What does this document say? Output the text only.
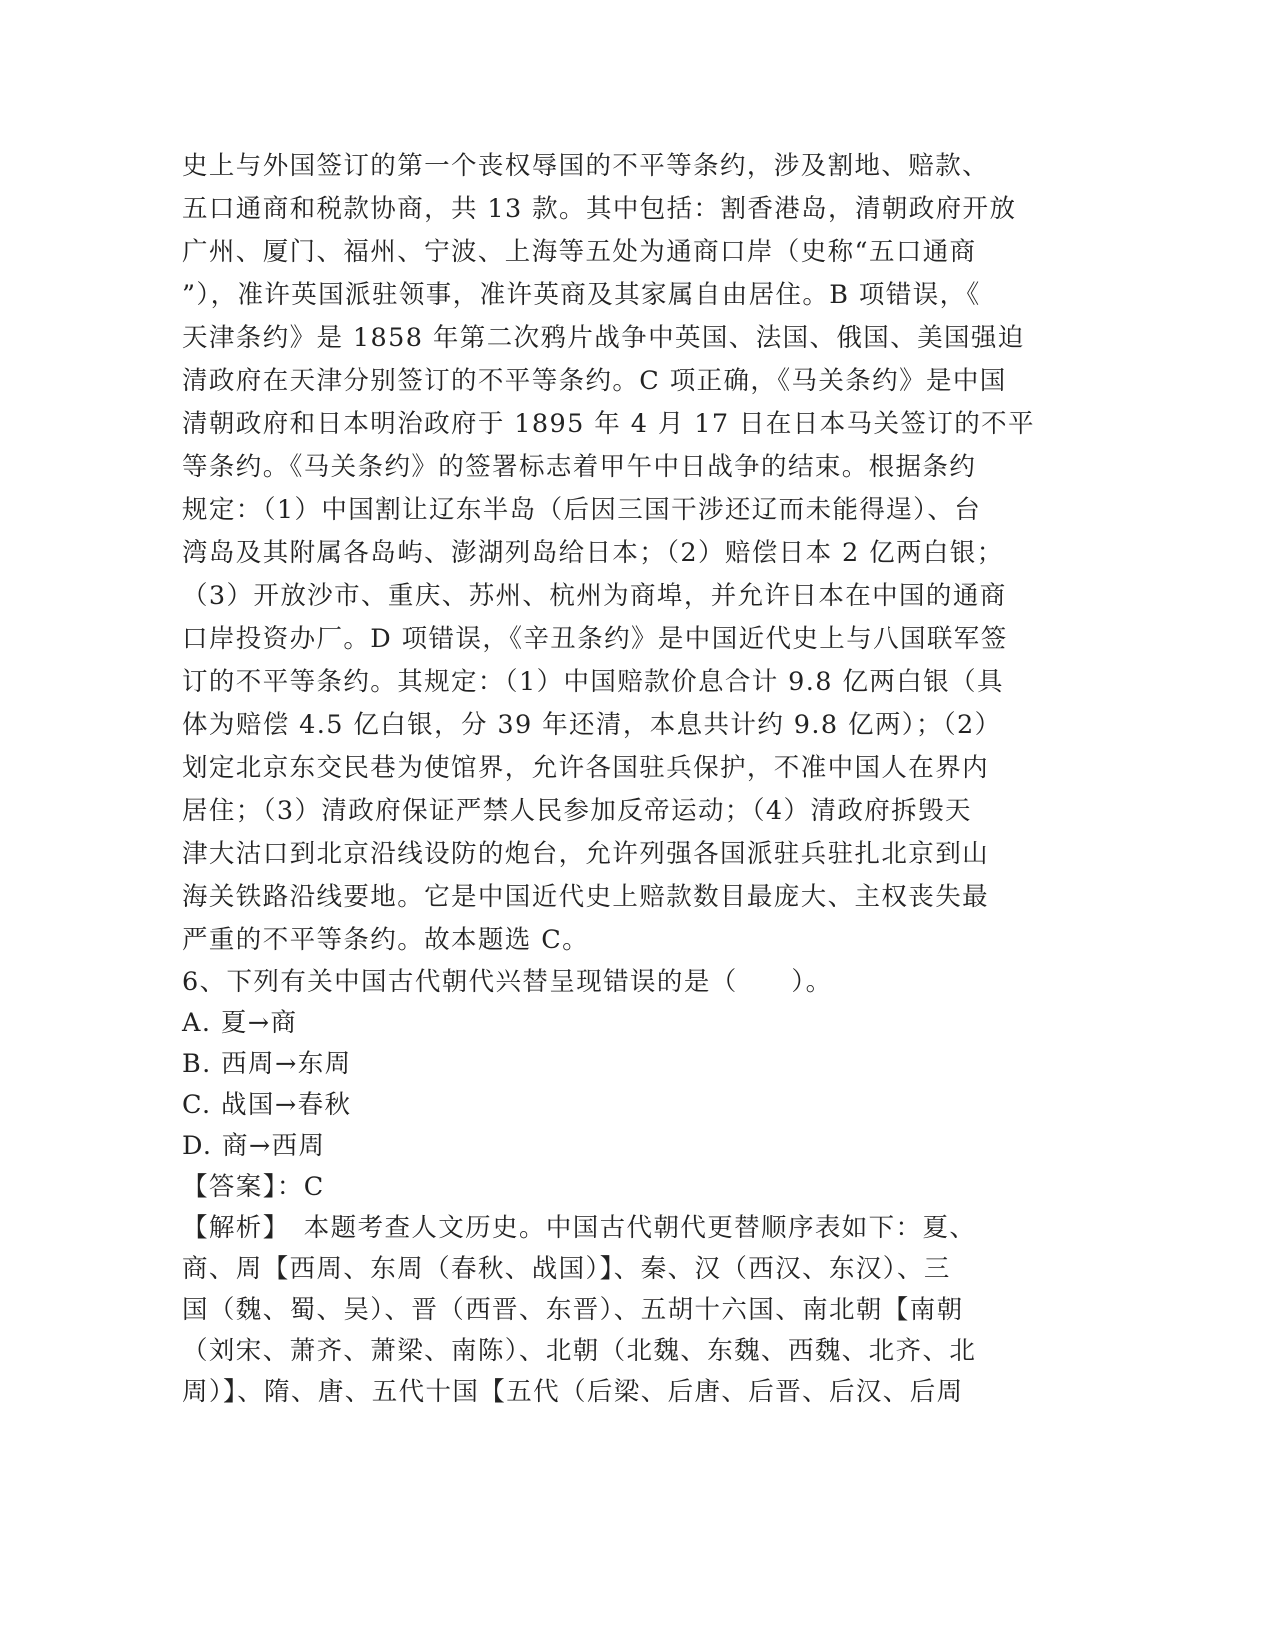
史上与外国签订的第一个丧权辱国的不平等条约，涉及割地、赔款、
五口通商和税款协商，共 13 款。其中包括：割香港岛，清朝政府开放
广州、厦门、福州、宁波、上海等五处为通商口岸（史称“五口通商
”），准许英国派驻领事，准许英商及其家属自由居住。B 项错误，《
天津条约》是 1858 年第二次鸦片战争中英国、法国、俄国、美国强迫
清政府在天津分别签订的不平等条约。C 项正确，《马关条约》是中国
清朝政府和日本明治政府于 1895 年 4 月 17 日在日本马关签订的不平
等条约。《马关条约》的签署标志着甲午中日战争的结束。根据条约
规定：（1）中国割让辽东半岛（后因三国干涉还辽而未能得逞）、台
湾岛及其附属各岛屿、澎湖列岛给日本；（2）赔偿日本 2 亿两白银；
（3）开放沙市、重庆、苏州、杭州为商埠，并允许日本在中国的通商
口岸投资办厂。D 项错误，《辛丑条约》是中国近代史上与八国联军签
订的不平等条约。其规定：（1）中国赔款价息合计 9.8 亿两白银（具
体为赔偿 4.5 亿白银，分 39 年还清，本息共计约 9.8 亿两）；（2）
划定北京东交民巷为使馆界，允许各国驻兵保护，不准中国人在界内
居住；（3）清政府保证严禁人民参加反帝运动；（4）清政府拆毁天
津大沽口到北京沿线设防的炮台，允许列强各国派驻兵驻扎北京到山
海关铁路沿线要地。它是中国近代史上赔款数目最庞大、主权丧失最
严重的不平等条约。故本题选 C。
6、下列有关中国古代朝代兴替呈现错误的是（　　）。
A. 夏→商
B. 西周→东周
C. 战国→春秋
D. 商→西周
【答案】：C
【解析】　本题考查人文历史。中国古代朝代更替顺序表如下：夏、
商、周【西周、东周（春秋、战国）】、秦、汉（西汉、东汉）、三
国（魏、蜀、吴）、晋（西晋、东晋）、五胡十六国、南北朝【南朝
（刘宋、萧齐、萧梁、南陈）、北朝（北魏、东魏、西魏、北齐、北
周）】、隋、唐、五代十国【五代（后梁、后唐、后晋、后汉、后周
